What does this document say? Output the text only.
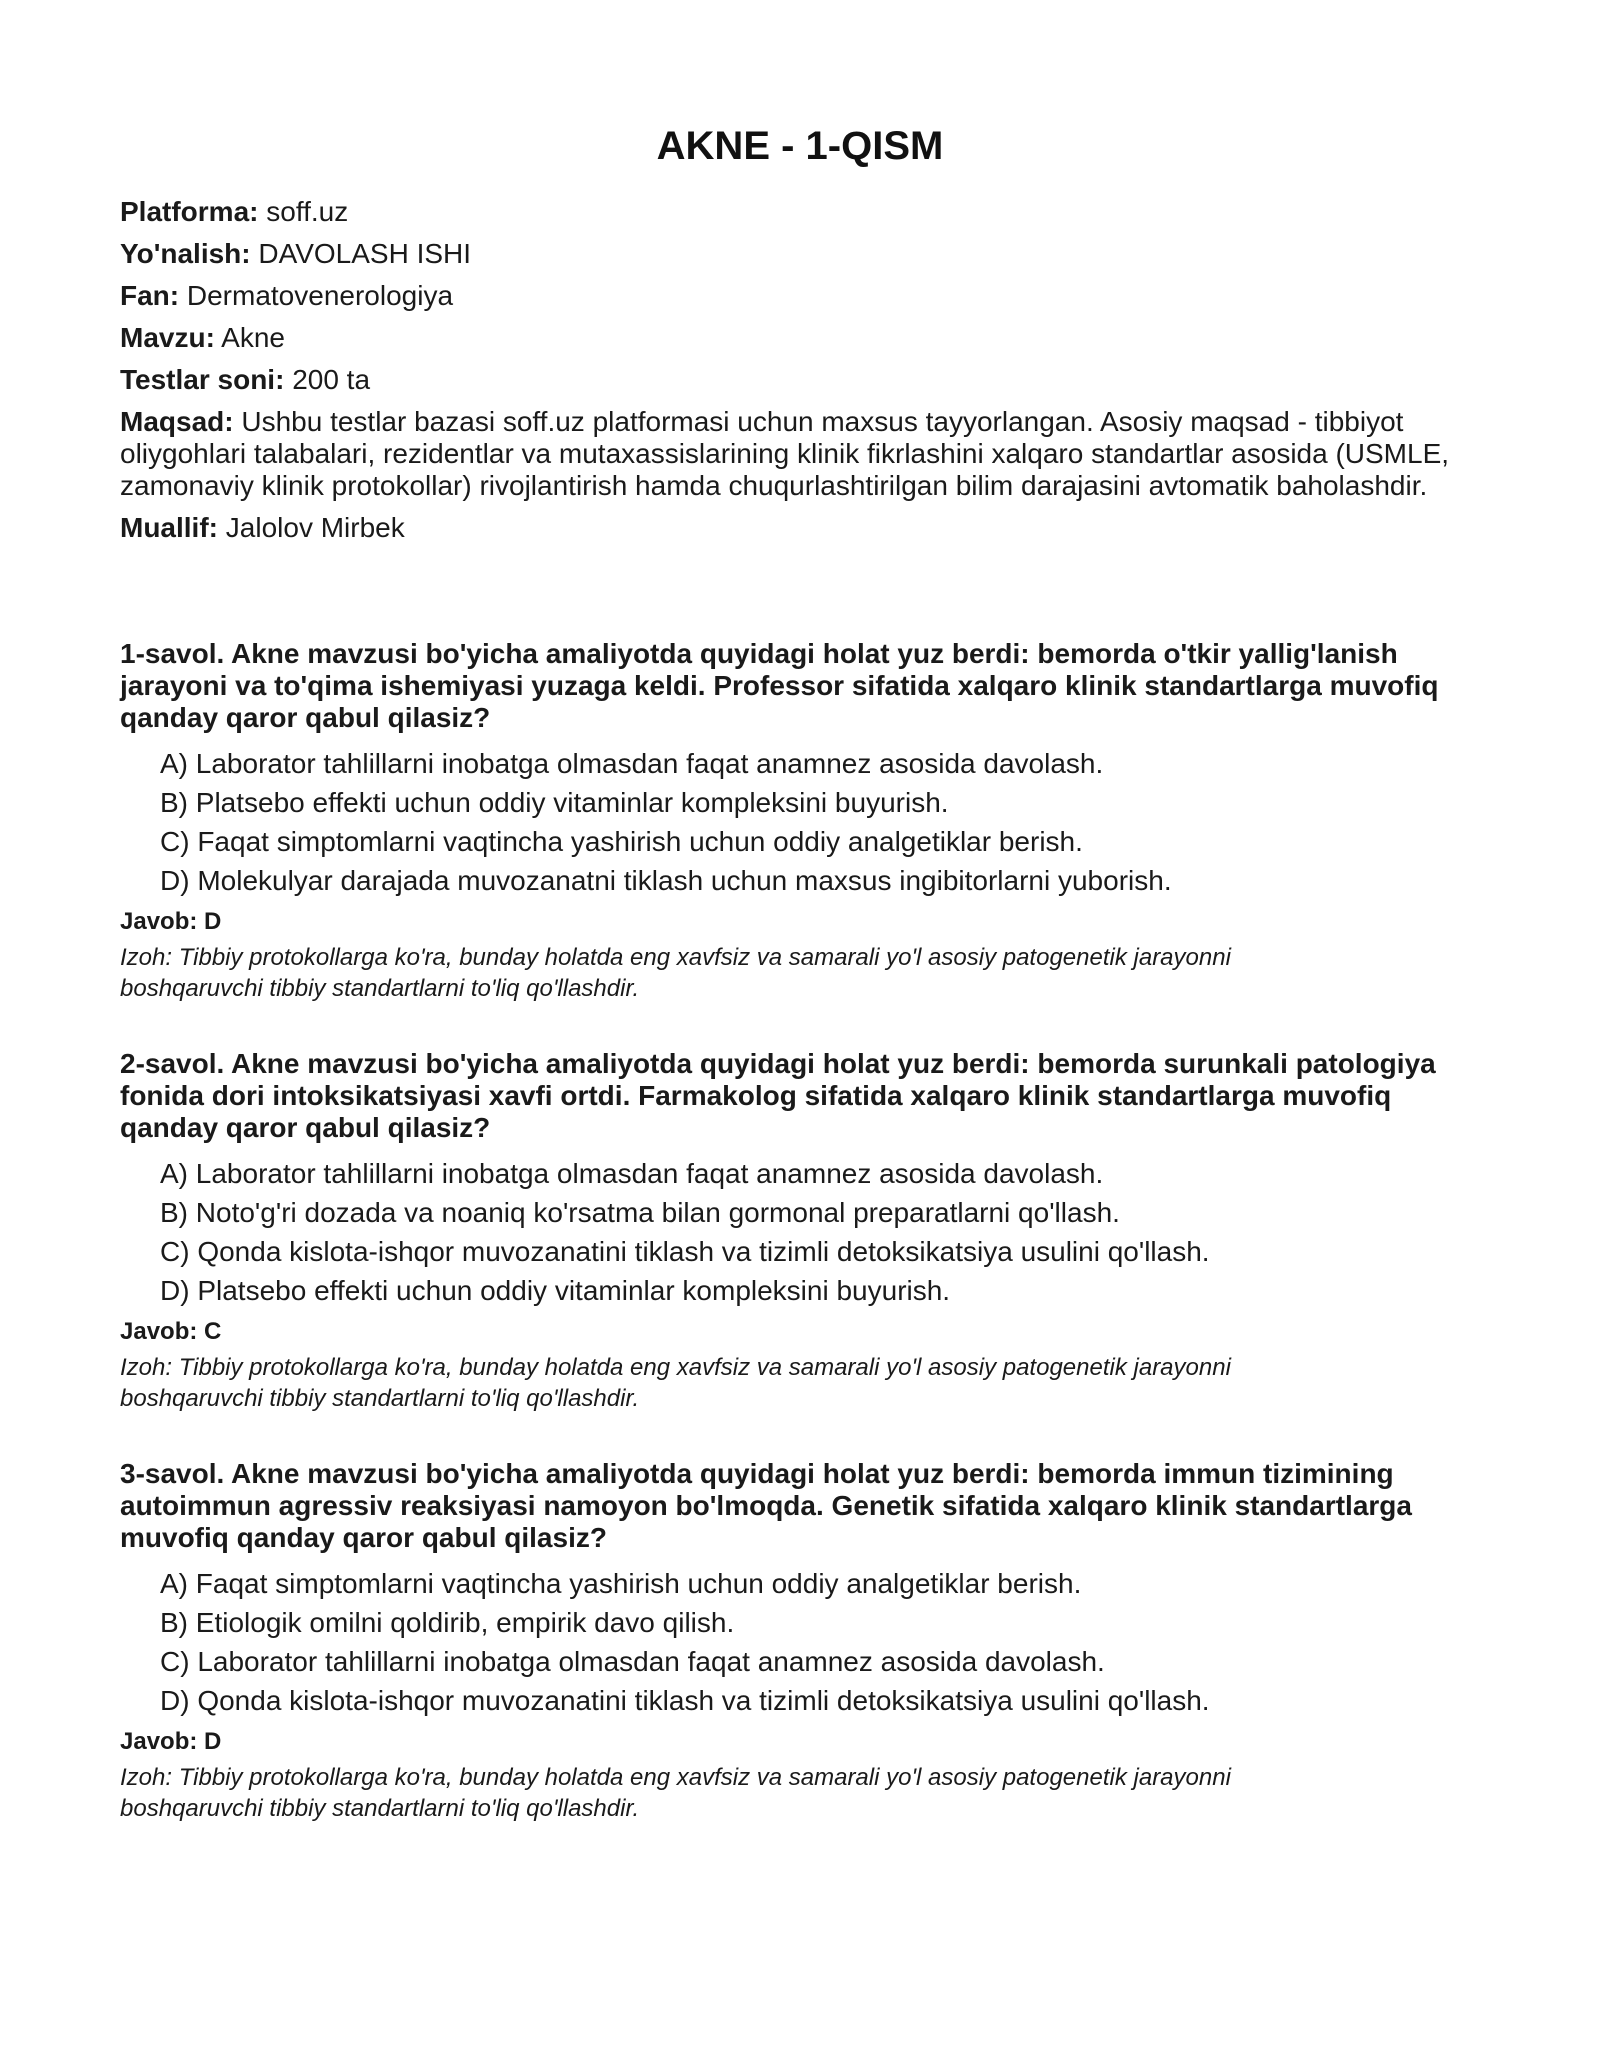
AKNE - 1-QISM

Platforma: soff.uz

Yo'nalish: DAVOLASH ISHI

Fan: Dermatovenerologiya

Mavzu: Akne

Testlar soni: 200 ta

Maqsad: Ushbu testlar bazasi soff.uz platformasi uchun maxsus tayyorlangan. Asosiy maqsad - tibbiyot oliygohlari talabalari, rezidentlar va mutaxassislarining klinik fikrlashini xalqaro standartlar asosida (USMLE, zamonaviy klinik protokollar) rivojlantirish hamda chuqurlashtirilgan bilim darajasini avtomatik baholashdir.

Muallif: Jalolov Mirbek

1-savol. Akne mavzusi bo'yicha amaliyotda quyidagi holat yuz berdi: bemorda o'tkir yallig'lanish jarayoni va to'qima ishemiyasi yuzaga keldi. Professor sifatida xalqaro klinik standartlarga muvofiq qanday qaror qabul qilasiz?

A) Laborator tahlillarni inobatga olmasdan faqat anamnez asosida davolash.
B) Platsebo effekti uchun oddiy vitaminlar kompleksini buyurish.
C) Faqat simptomlarni vaqtincha yashirish uchun oddiy analgetiklar berish.
D) Molekulyar darajada muvozanatni tiklash uchun maxsus ingibitorlarni yuborish.

Javob: D

Izoh: Tibbiy protokollarga ko'ra, bunday holatda eng xavfsiz va samarali yo'l asosiy patogenetik jarayonni boshqaruvchi tibbiy standartlarni to'liq qo'llashdir.

2-savol. Akne mavzusi bo'yicha amaliyotda quyidagi holat yuz berdi: bemorda surunkali patologiya fonida dori intoksikatsiyasi xavfi ortdi. Farmakolog sifatida xalqaro klinik standartlarga muvofiq qanday qaror qabul qilasiz?

A) Laborator tahlillarni inobatga olmasdan faqat anamnez asosida davolash.
B) Noto'g'ri dozada va noaniq ko'rsatma bilan gormonal preparatlarni qo'llash.
C) Qonda kislota-ishqor muvozanatini tiklash va tizimli detoksikatsiya usulini qo'llash.
D) Platsebo effekti uchun oddiy vitaminlar kompleksini buyurish.

Javob: C

Izoh: Tibbiy protokollarga ko'ra, bunday holatda eng xavfsiz va samarali yo'l asosiy patogenetik jarayonni boshqaruvchi tibbiy standartlarni to'liq qo'llashdir.

3-savol. Akne mavzusi bo'yicha amaliyotda quyidagi holat yuz berdi: bemorda immun tizimining autoimmun agressiv reaksiyasi namoyon bo'lmoqda. Genetik sifatida xalqaro klinik standartlarga muvofiq qanday qaror qabul qilasiz?

A) Faqat simptomlarni vaqtincha yashirish uchun oddiy analgetiklar berish.
B) Etiologik omilni qoldirib, empirik davo qilish.
C) Laborator tahlillarni inobatga olmasdan faqat anamnez asosida davolash.
D) Qonda kislota-ishqor muvozanatini tiklash va tizimli detoksikatsiya usulini qo'llash.

Javob: D

Izoh: Tibbiy protokollarga ko'ra, bunday holatda eng xavfsiz va samarali yo'l asosiy patogenetik jarayonni boshqaruvchi tibbiy standartlarni to'liq qo'llashdir.
